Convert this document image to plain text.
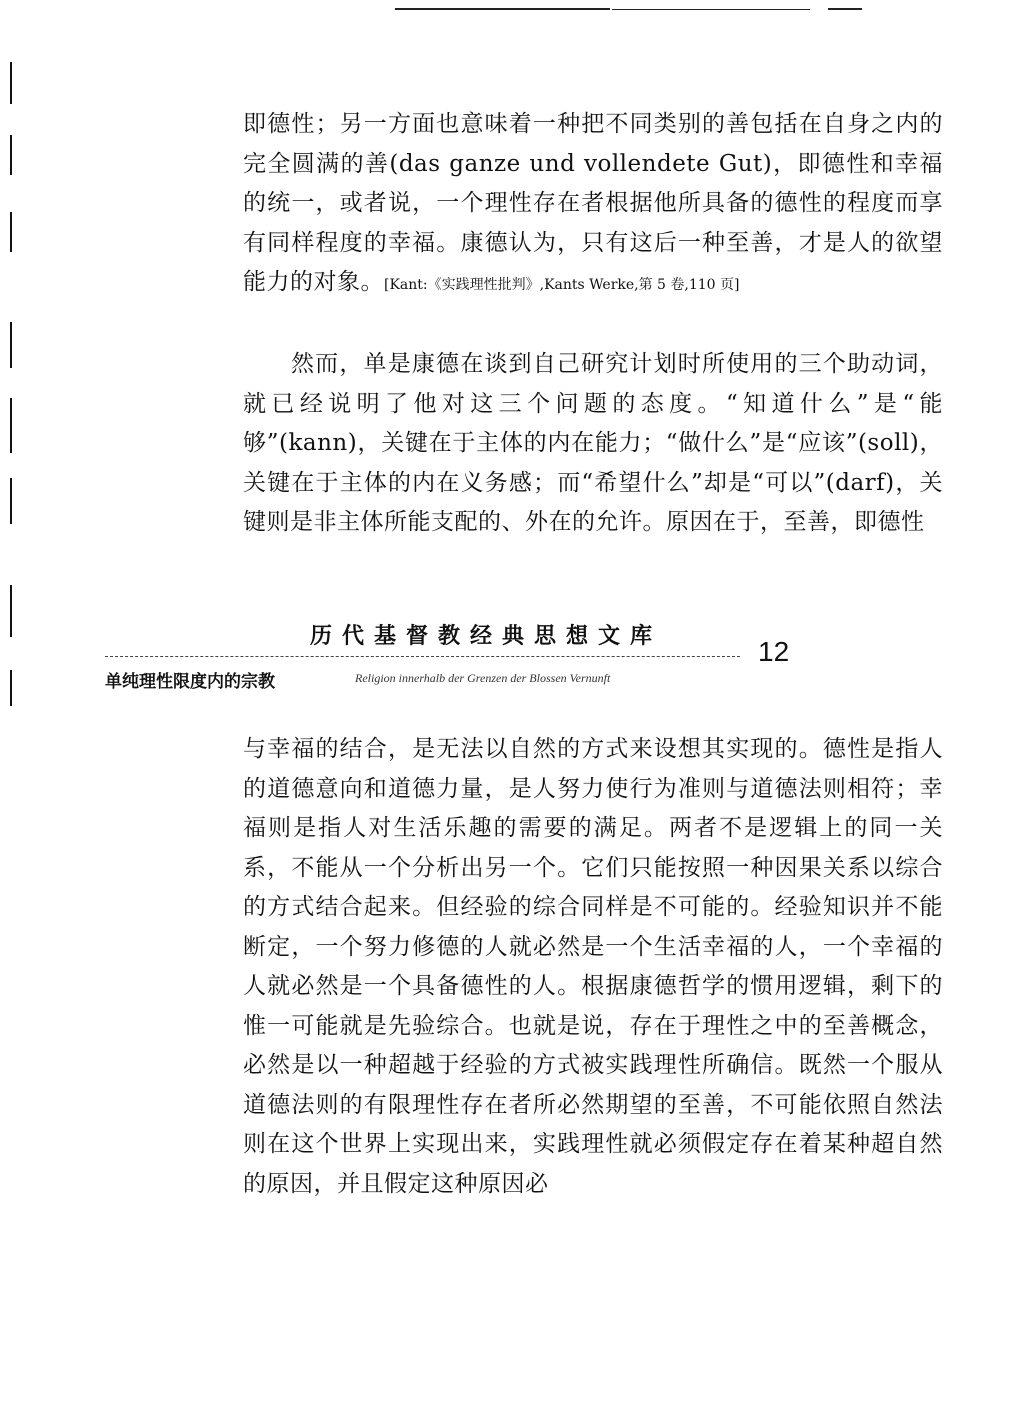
即德性；另一方面也意味着一种把不同类别的善包括在自身之内的完全圆满的善(das ganze und vollendete Gut)，即德性和幸福的统一，或者说，一个理性存在者根据他所具备的德性的程度而享有同样程度的幸福。康德认为，只有这后一种至善，才是人的欲望能力的对象。[Kant:《实践理性批判》,Kants Werke,第 5 卷,110 页]

然而，单是康德在谈到自己研究计划时所使用的三个助动词，就已经说明了他对这三个问题的态度。“知道什么”是“能够”(kann)，关键在于主体的内在能力；“做什么”是“应该”(soll)，关键在于主体的内在义务感；而“希望什么”却是“可以”(darf)，关键则是非主体所能支配的、外在的允许。原因在于，至善，即德性

历代基督教经典思想文库	12
单纯理性限度内的宗教	Religion innerhalb der Grenzen der Blossen Vernunft

与幸福的结合，是无法以自然的方式来设想其实现的。德性是指人的道德意向和道德力量，是人努力使行为准则与道德法则相符；幸福则是指人对生活乐趣的需要的满足。两者不是逻辑上的同一关系，不能从一个分析出另一个。它们只能按照一种因果关系以综合的方式结合起来。但经验的综合同样是不可能的。经验知识并不能断定，一个努力修德的人就必然是一个生活幸福的人，一个幸福的人就必然是一个具备德性的人。根据康德哲学的惯用逻辑，剩下的惟一可能就是先验综合。也就是说，存在于理性之中的至善概念，必然是以一种超越于经验的方式被实践理性所确信。既然一个服从道德法则的有限理性存在者所必然期望的至善，不可能依照自然法则在这个世界上实现出来，实践理性就必须假定存在着某种超自然的原因，并且假定这种原因必
